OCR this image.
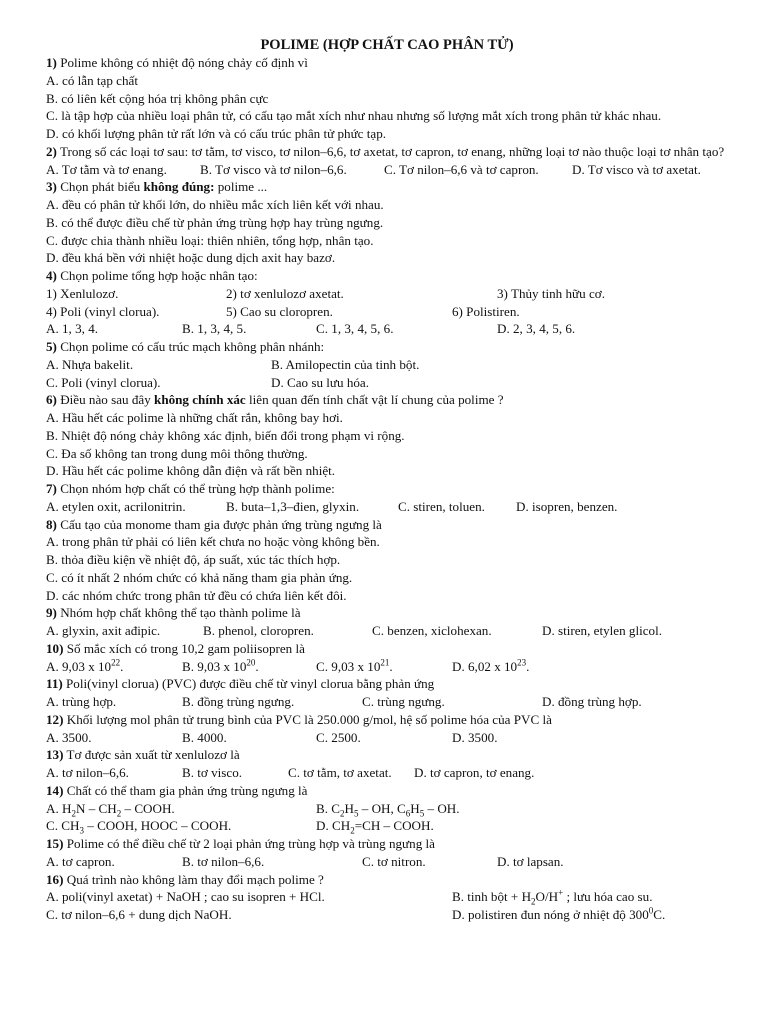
POLIME (HỢP CHẤT CAO PHÂN TỬ)
1) Polime không có nhiệt độ nóng chảy cố định vì
A. có lẫn tạp chất
B. có liên kết cộng hóa trị không phân cực
C. là tập hợp của nhiều loại phân tử, có cấu tạo mắt xích như nhau nhưng số lượng mắt xích trong phân tử khác nhau.
D. có khối lượng phân tử rất lớn và có cấu trúc phân tử phức tạp.
2) Trong số các loại tơ sau: tơ tằm, tơ visco, tơ nilon–6,6, tơ axetat, tơ capron, tơ enang, những loại tơ nào thuộc loại tơ nhân tạo?
A. Tơ tằm và tơ enang.	B. Tơ visco và tơ nilon–6,6.	C. Tơ nilon–6,6 và tơ capron.	D. Tơ visco và tơ axetat.
3) Chọn phát biểu không đúng: polime ...
A. đều có phân tử khối lớn, do nhiều mắc xích liên kết với nhau.
B. có thể được điều chế từ phản ứng trùng hợp hay trùng ngưng.
C. được chia thành nhiều loại: thiên nhiên, tổng hợp, nhân tạo.
D. đều khá bền với nhiệt hoặc dung dịch axit hay bazơ.
4) Chọn polime tổng hợp hoặc nhân tạo:
1) Xenlulozơ.	2) tơ xenlulozơ axetat.	3) Thủy tinh hữu cơ.
4) Poli (vinyl clorua).	5) Cao su cloropren.	6) Polistiren.
A. 1, 3, 4.	B. 1, 3, 4, 5.	C. 1, 3, 4, 5, 6.	D. 2, 3, 4, 5, 6.
5) Chọn polime có cấu trúc mạch không phân nhánh:
A. Nhựa bakelit.	B. Amilopectin của tinh bột.
C. Poli (vinyl clorua).	D. Cao su lưu hóa.
6) Điều nào sau đây không chính xác liên quan đến tính chất vật lí chung của polime ?
A. Hầu hết các polime là những chất rắn, không bay hơi.
B. Nhiệt độ nóng chảy không xác định, biến đổi trong phạm vi rộng.
C. Đa số không tan trong dung môi thông thường.
D. Hầu hết các polime không dẫn điện và rất bền nhiệt.
7) Chọn nhóm hợp chất có thể trùng hợp thành polime:
A. etylen oxit, acrilonitrin.	B. buta–1,3–đien, glyxin.	C. stiren, toluen. D. isopren, benzen.
8) Cấu tạo của monome tham gia được phản ứng trùng ngưng là
A. trong phân tử phải có liên kết chưa no hoặc vòng không bền.
B. thỏa điều kiện về nhiệt độ, áp suất, xúc tác thích hợp.
C. có ít nhất 2 nhóm chức có khả năng tham gia phản ứng.
D. các nhóm chức trong phân tử đều có chứa liên kết đôi.
9) Nhóm hợp chất không thể tạo thành polime là
A. glyxin, axit ađipic.	B. phenol, cloropren.	C. benzen, xiclohexan.	D. stiren, etylen glicol.
10) Số mắc xích có trong 10,2 gam poliisopren là
A. 9,03 x $10^{22}$.	B. 9,03 x $10^{20}$.	C. 9,03 x $10^{21}$.	D. 6,02 x $10^{23}$.
11) Poli(vinyl clorua) (PVC) được điều chế từ vinyl clorua bằng phản ứng
A. trùng hợp.	B. đồng trùng ngưng.	C. trùng ngưng.	D. đồng trùng hợp.
12) Khối lượng mol phân tử trung bình của PVC là 250.000 g/mol, hệ số polime hóa của PVC là
A. 3500.	B. 4000.	C. 2500.	D. 3500.
13) Tơ được sản xuất từ xenlulozơ là
A. tơ nilon–6,6.	B. tơ visco.	C. tơ tằm, tơ axetat. D. tơ capron, tơ enang.
14) Chất có thể tham gia phản ứng trùng ngưng là
A. $H_2N - CH_2$ – COOH.	B. $C_2H_5$ – OH, $C_6H_5$ – OH.
C. $CH_3$ – COOH, HOOC – COOH.	D. $CH_2=CH$ – COOH.
15) Polime có thể điều chế từ 2 loại phản ứng trùng hợp và trùng ngưng là
A. tơ capron.	B. tơ nilon–6,6.	C. tơ nitron.	D. tơ lapsan.
16) Quá trình nào không làm thay đổi mạch polime ?
A. poli(vinyl axetat) + NaOH ; cao su isopren + HCl.	B. tinh bột + $H_2O/H^+$ ; lưu hóa cao su.
C. tơ nilon–6,6 + dung dịch NaOH.	D. polistiren đun nóng ở nhiệt độ $300^0C$.
